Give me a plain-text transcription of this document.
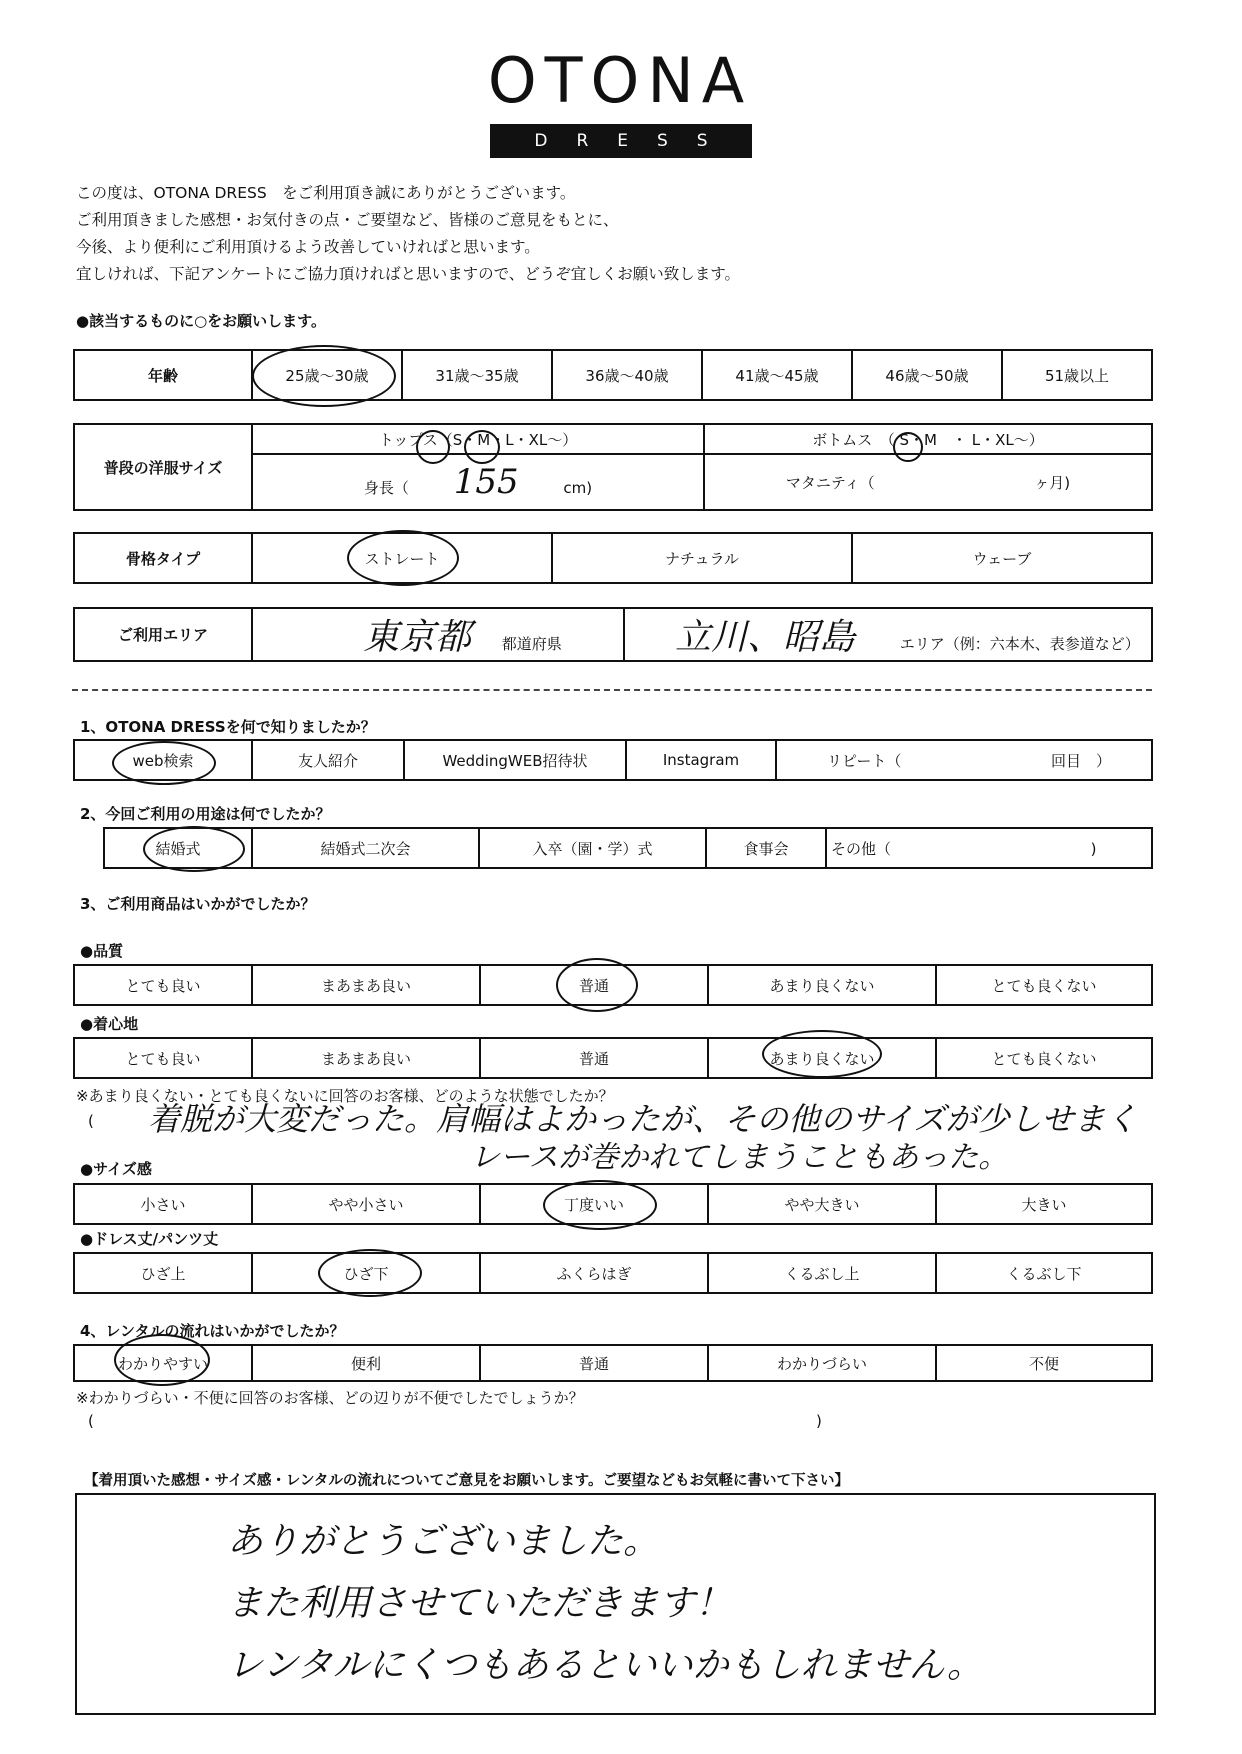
OTONA
DRESS
この度は、OTONA DRESS　をご利用頂き誠にありがとうございます。
ご利用頂きました感想・お気付きの点・ご要望など、皆様のご意見をもとに、
今後、より便利にご利用頂けるよう改善していければと思います。
宜しければ、下記アンケートにご協力頂ければと思いますので、どうぞ宜しくお願い致します。
●該当するものに○をお願いします。
年齢	25歳〜30歳	31歳〜35歳	36歳〜40歳	41歳〜45歳	46歳〜50歳	51歳以上
普段の洋服サイズ	トップス（S・M・L・XL〜）	ボトムス　（ S・M　・ L・XL〜）
	身長（ 155 cm)	マタニティ（ ヶ月)
骨格タイプ	ストレート	ナチュラル	ウェーブ
ご利用エリア	東京都 都道府県	立川、昭島	エリア（例：六本木、表参道など）
1、OTONA DRESSを何で知りましたか？
web検索	友人紹介	WeddingWEB招待状	Instagram	リピート（	回目　）
2、今回ご利用の用途は何でしたか？
結婚式	結婚式二次会	入卒（園・学）式	食事会	その他（	)
3、ご利用商品はいかがでしたか？
●品質
とても良い	まあまあ良い	普通	あまり良くない	とても良くない
●着心地
とても良い	まあまあ良い	普通	あまり良くない	とても良くない
※あまり良くない・とても良くないに回答のお客様、どのような状態でしたか？
( 着脱が大変だった。肩幅はよかったが、その他のサイズが少しせまく
レースが巻かれてしまうこともあった。
●サイズ感
小さい	やや小さい	丁度いい	やや大きい	大きい
●ドレス丈/パンツ丈
ひざ上	ひざ下	ふくらはぎ	くるぶし上	くるぶし下
4、レンタルの流れはいかがでしたか？
わかりやすい	便利	普通	わかりづらい	不便
※わかりづらい・不便に回答のお客様、どの辺りが不便でしたでしょうか？
(	)
【着用頂いた感想・サイズ感・レンタルの流れについてご意見をお願いします。ご要望などもお気軽に書いて下さい】
ありがとうございました。
また利用させていただきます！
レンタルにくつもあるといいかもしれません。
